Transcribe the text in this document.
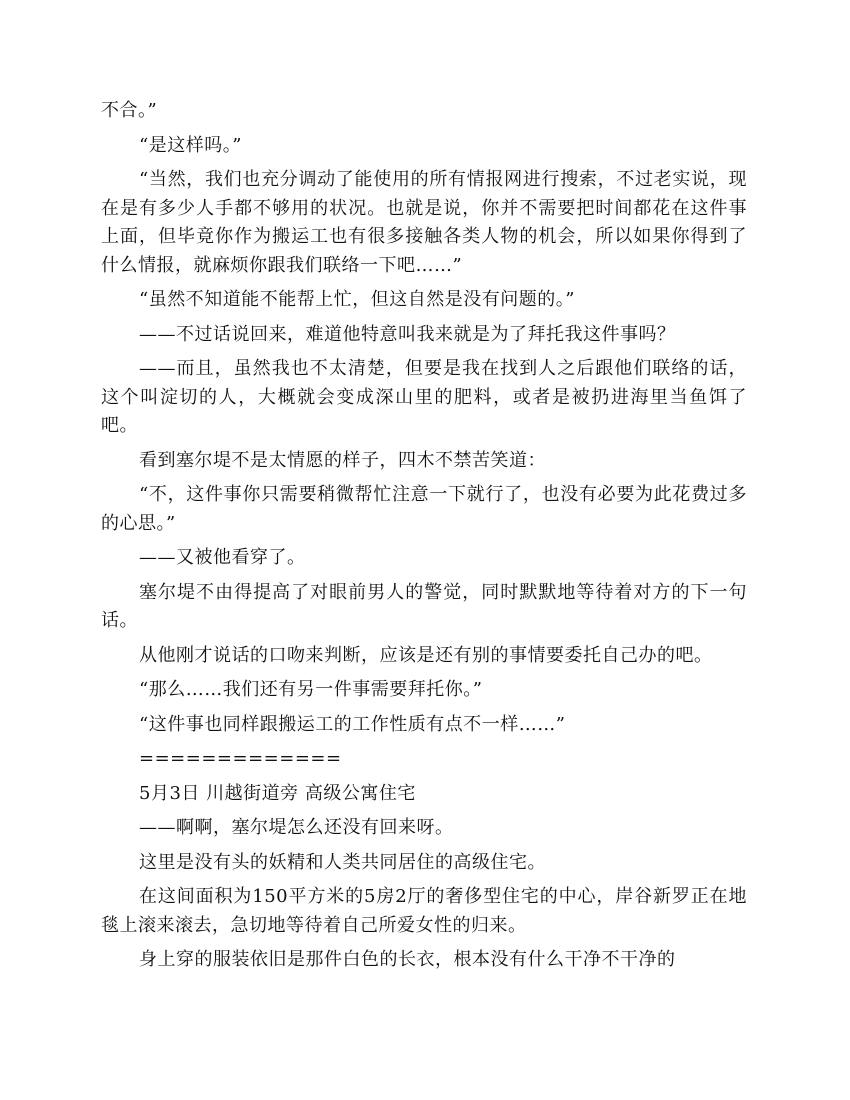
不合。”

“是这样吗。”

“当然，我们也充分调动了能使用的所有情报网进行搜索，不过老实说，现在是有多少人手都不够用的状况。也就是说，你并不需要把时间都花在这件事上面，但毕竟你作为搬运工也有很多接触各类人物的机会，所以如果你得到了什么情报，就麻烦你跟我们联络一下吧……”

“虽然不知道能不能帮上忙，但这自然是没有问题的。”

——不过话说回来，难道他特意叫我来就是为了拜托我这件事吗？

——而且，虽然我也不太清楚，但要是我在找到人之后跟他们联络的话，这个叫淀切的人，大概就会变成深山里的肥料，或者是被扔进海里当鱼饵了吧。

看到塞尔堤不是太情愿的样子，四木不禁苦笑道：

“不，这件事你只需要稍微帮忙注意一下就行了，也没有必要为此花费过多的心思。”

——又被他看穿了。

塞尔堤不由得提高了对眼前男人的警觉，同时默默地等待着对方的下一句话。

从他刚才说话的口吻来判断，应该是还有别的事情要委托自己办的吧。

“那么……我们还有另一件事需要拜托你。”

“这件事也同样跟搬运工的工作性质有点不一样……”

=============

5月3日 川越街道旁 高级公寓住宅

——啊啊，塞尔堤怎么还没有回来呀。

这里是没有头的妖精和人类共同居住的高级住宅。

在这间面积为150平方米的5房2厅的奢侈型住宅的中心，岸谷新罗正在地毯上滚来滚去，急切地等待着自己所爱女性的归来。

身上穿的服装依旧是那件白色的长衣，根本没有什么干净不干净的
